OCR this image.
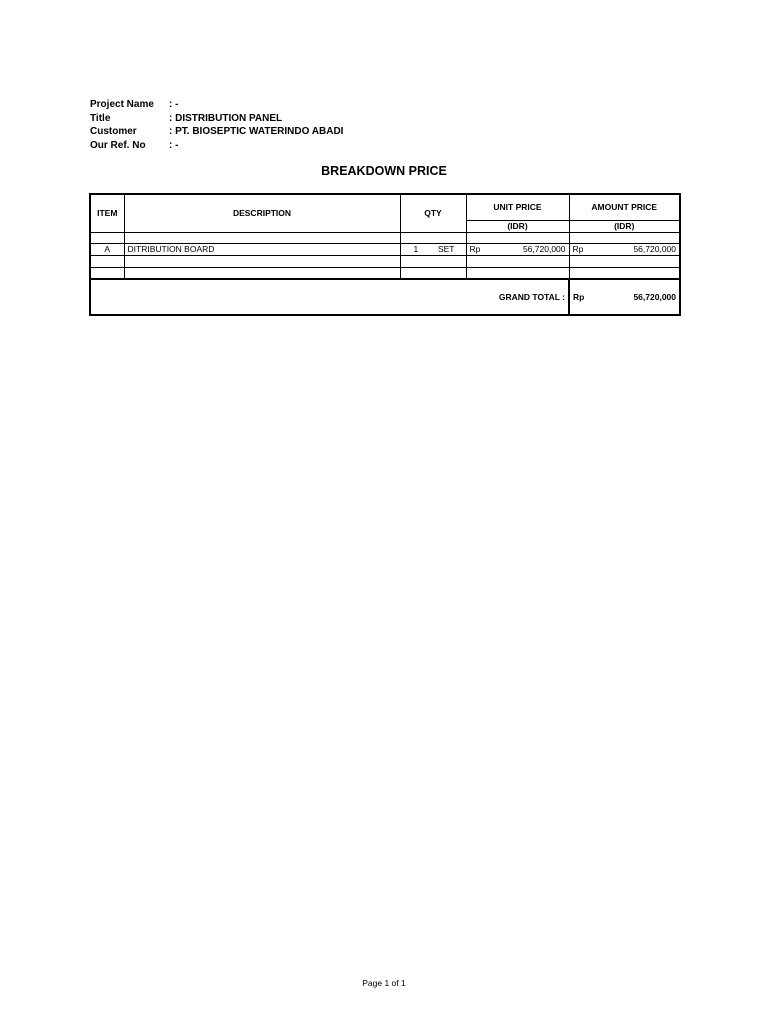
Project Name	: -
Title	: DISTRIBUTION PANEL
Customer	: PT. BIOSEPTIC WATERINDO ABADI
Our Ref. No	: -
BREAKDOWN PRICE
ITEM	DESCRIPTION	QTY	UNIT PRICE	AMOUNT PRICE
			(IDR)	(IDR)

A	DITRIBUTION BOARD	1 SET	Rp 56,720,000	Rp 56,720,000

GRAND TOTAL :				Rp 56,720,000
Page 1 of 1
